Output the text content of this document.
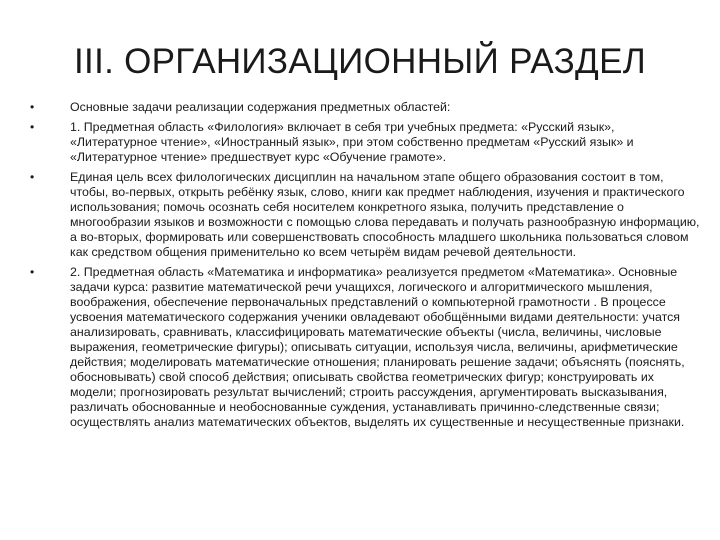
III. ОРГАНИЗАЦИОННЫЙ РАЗДЕЛ
•	Основные задачи реализации содержания предметных областей:
•	1. Предметная область «Филология» включает в себя три учебных предмета: «Русский язык», «Литературное чтение», «Иностранный язык», при этом собственно предметам «Русский язык» и «Литературное чтение» предшествует курс «Обучение грамоте».
•	Единая цель всех филологических дисциплин на начальном этапе общего образования состоит в том, чтобы, во-первых, открыть ребёнку язык, слово, книги как предмет наблюдения, изучения и практического использования; помочь осознать себя носителем конкретного языка, получить представление о многообразии языков и возможности с помощью слова передавать и получать разнообразную информацию, а во-вторых, формировать или совершенствовать способность младшего школьника пользоваться словом как средством общения применительно ко всем четырём видам речевой деятельности.
•	2. Предметная область «Математика и информатика» реализуется предметом «Математика». Основные задачи курса: развитие математической речи учащихся, логического и алгоритмического мышления, воображения, обеспечение первоначальных представлений о компьютерной грамотности . В процессе усвоения математического содержания ученики овладевают обобщёнными видами деятельности: учатся анализировать, сравнивать, классифицировать математические объекты (числа, величины, числовые выражения, геометрические фигуры); описывать ситуации, используя числа, величины, арифметические действия; моделировать математические отношения; планировать решение задачи; объяснять (пояснять, обосновывать) свой способ действия; описывать свойства геометрических фигур; конструировать их модели; прогнозировать результат вычислений; строить рассуждения, аргументировать высказывания, различать обоснованные и необоснованные суждения, устанавливать причинно-следственные связи; осуществлять анализ математических объектов, выделять их существенные и несущественные признаки.
